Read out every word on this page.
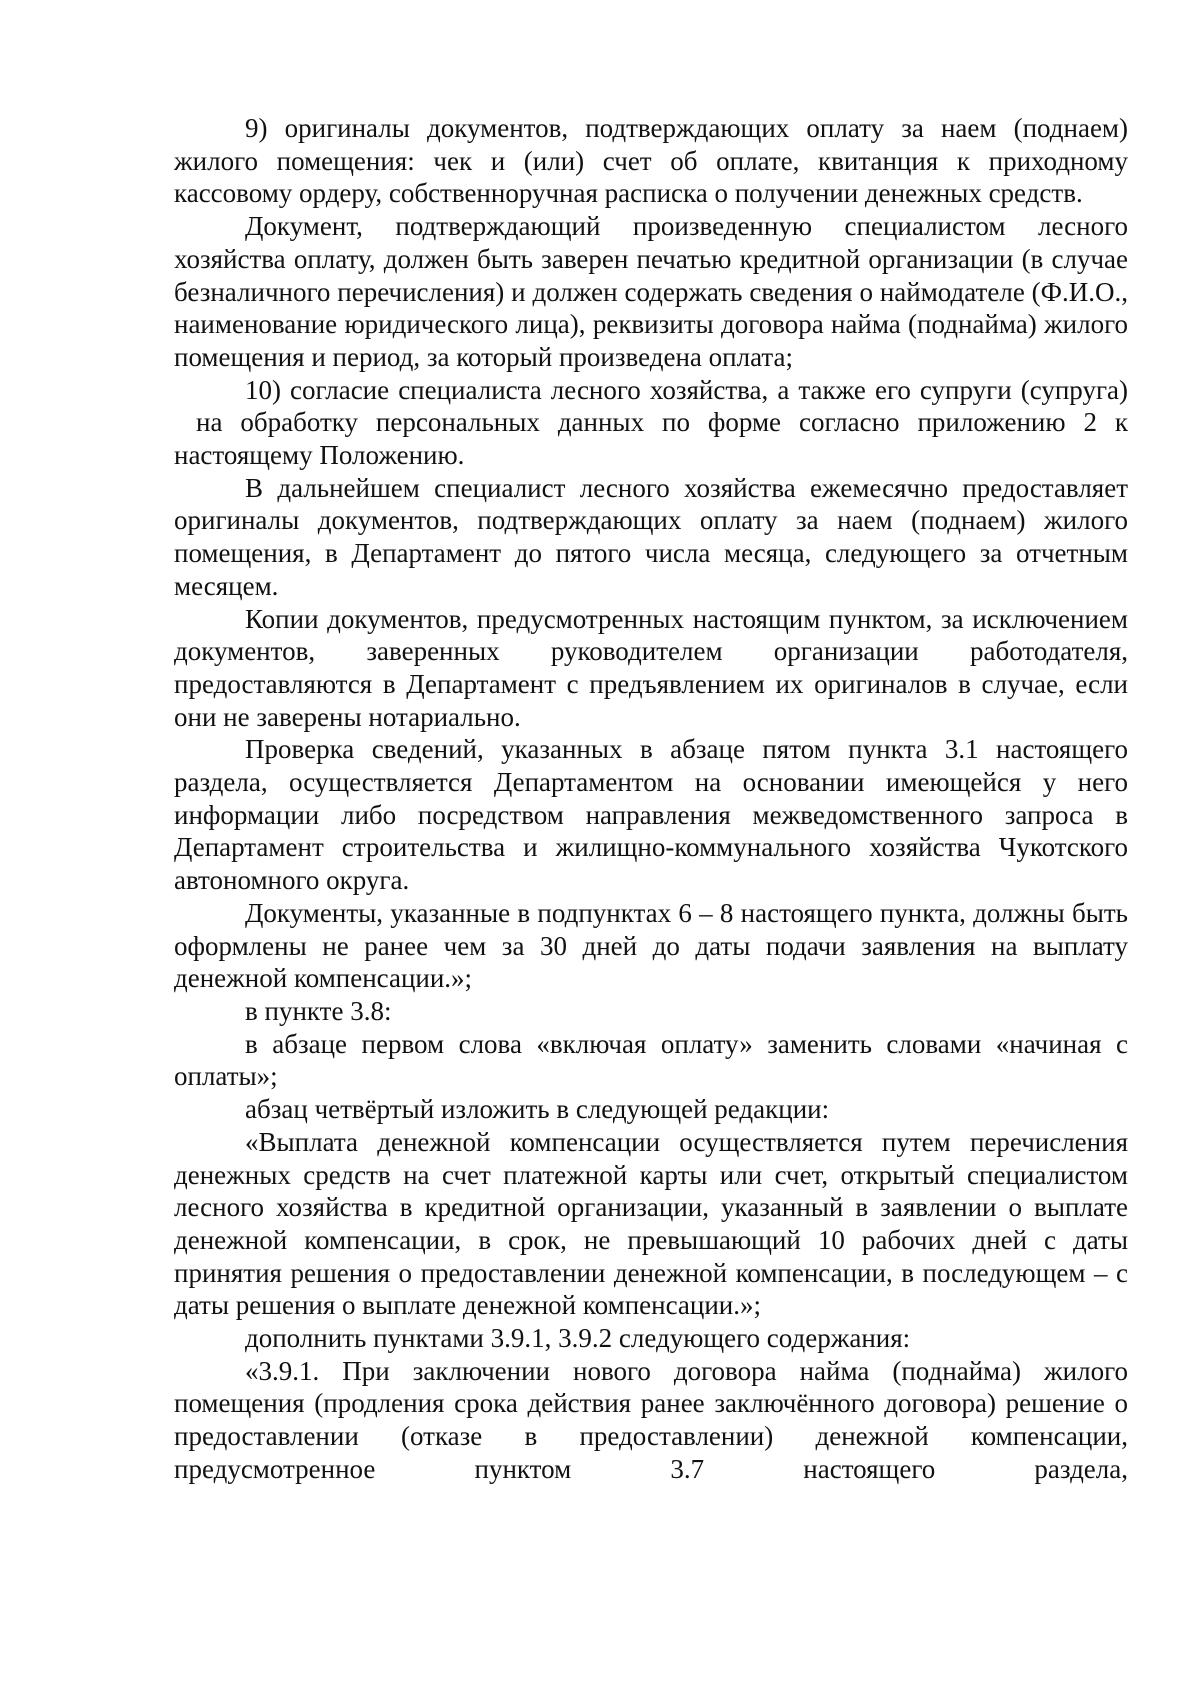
9) оригиналы документов, подтверждающих оплату за наем (поднаем) жилого помещения: чек и (или) счет об оплате, квитанция к приходному кассовому ордеру, собственноручная расписка о получении денежных средств.

Документ, подтверждающий произведенную специалистом лесного хозяйства оплату, должен быть заверен печатью кредитной организации (в случае безналичного перечисления) и должен содержать сведения о наймодателе (Ф.И.О., наименование юридического лица), реквизиты договора найма (поднайма) жилого помещения и период, за который произведена оплата;

10) согласие специалиста лесного хозяйства, а также его супруги (супруга)на обработку персональных данных по форме согласно приложению 2 к настоящему Положению.

В дальнейшем специалист лесного хозяйства ежемесячно предоставляет оригиналы документов, подтверждающих оплату за наем (поднаем) жилого помещения, в Департамент до пятого числа месяца, следующего за отчетным месяцем.

Копии документов, предусмотренных настоящим пунктом, за исключением документов, заверенных руководителем организации работодателя, предоставляются в Департамент с предъявлением их оригиналов в случае, если они не заверены нотариально.

Проверка сведений, указанных в абзаце пятом пункта 3.1 настоящего раздела, осуществляется Департаментом на основании имеющейся у него информации либо посредством направления межведомственного запроса в Департамент строительства и жилищно-коммунального хозяйства Чукотского автономного округа.

Документы, указанные в подпунктах 6 – 8 настоящего пункта, должны быть оформлены не ранее чем за 30 дней до даты подачи заявления на выплату денежной компенсации.»;

в пункте 3.8:

в абзаце первом слова «включая оплату» заменить словами «начиная с оплаты»;

абзац четвёртый изложить в следующей редакции:

«Выплата денежной компенсации осуществляется путем перечисления денежных средств на счет платежной карты или счет, открытый специалистом лесного хозяйства в кредитной организации, указанный в заявлении о выплате денежной компенсации, в срок, не превышающий 10 рабочих дней с даты принятия решения о предоставлении денежной компенсации, в последующем – с даты решения о выплате денежной компенсации.»;

дополнить пунктами 3.9.1, 3.9.2 следующего содержания:

«3.9.1. При заключении нового договора найма (поднайма) жилого помещения (продления срока действия ранее заключённого договора) решение о предоставлении (отказе в предоставлении) денежной компенсации, предусмотренное пунктом 3.7 настоящего раздела,
